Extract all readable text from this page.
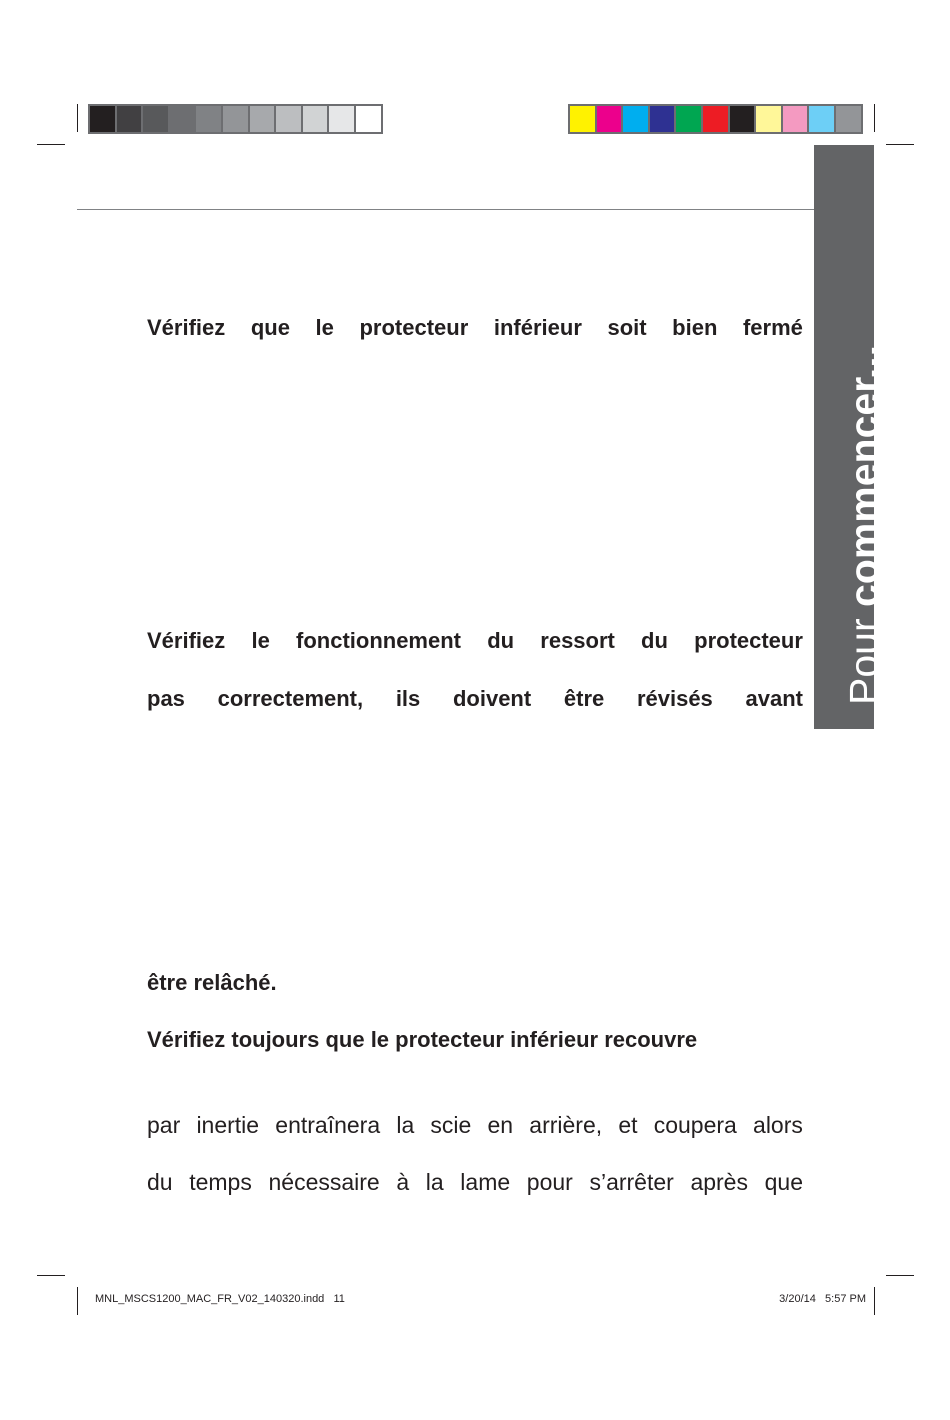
Pour commencer...
Vérifiez que le protecteur inférieur soit bien fermé
Vérifiez le fonctionnement du ressort du protecteur
pas correctement, ils doivent être révisés avant
être relâché.
Vérifiez toujours que le protecteur inférieur recouvre
par inertie entraînera la scie en arrière, et coupera alors
du temps nécessaire à la lame pour s’arrêter après que
MNL_MSCS1200_MAC_FR_V02_140320.indd   11	3/20/14   5:57 PM
